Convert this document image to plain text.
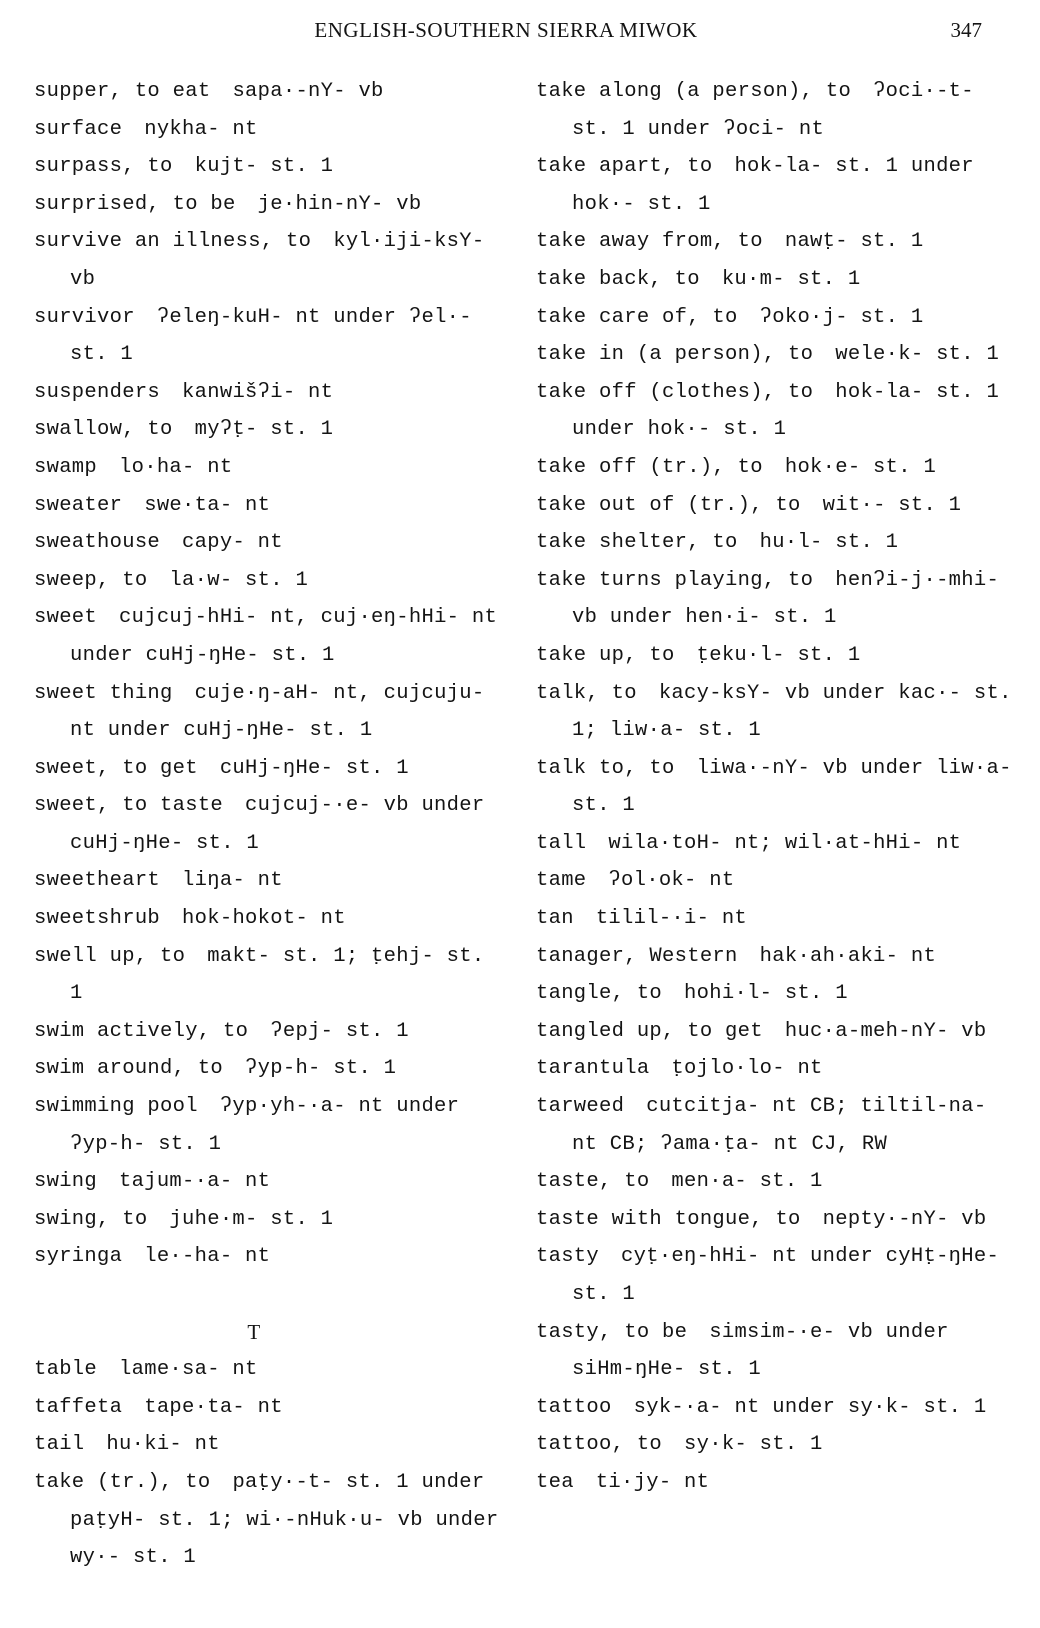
ENGLISH-SOUTHERN SIERRA MIWOK	347

supper, to eat sapa·-nY- vb

surface nykha- nt

surpass, to kujt- st. 1

surprised, to be je·hin-nY- vb

survive an illness, to kyl·iji-ksY- vb

survivor ʔeleŋ-kuH- nt under ʔel·- st. 1

suspenders kanwišʔi- nt

swallow, to myʔṭ- st. 1

swamp lo·ha- nt

sweater swe·ta- nt

sweathouse capy- nt

sweep, to la·w- st. 1

sweet cujcuj-hHi- nt, cuj·eŋ-hHi- nt under cuHj-ŋHe- st. 1

sweet thing cuje·ŋ-aH- nt, cujcuju- nt under cuHj-ŋHe- st. 1

sweet, to get cuHj-ŋHe- st. 1

sweet, to taste cujcuj-·e- vb under cuHj-ŋHe- st. 1

sweetheart liŋa- nt

sweetshrub hok-hokot- nt

swell up, to makt- st. 1; ṭehj- st. 1

swim actively, to ʔepj- st. 1

swim around, to ʔyp-h- st. 1

swimming pool ʔyp·yh-·a- nt under ʔyp-h- st. 1

swing tajum-·a- nt

swing, to juhe·m- st. 1

syringa le·-ha- nt

T

table lame·sa- nt

taffeta tape·ta- nt

tail hu·ki- nt

take (tr.), to paṭy·-t- st. 1 under paṭyH- st. 1; wi·-nHuk·u- vb under wy·- st. 1

take along (a person), to ʔoci·-t- st. 1 under ʔoci- nt

take apart, to hok-la- st. 1 under hok·- st. 1

take away from, to nawṭ- st. 1

take back, to ku·m- st. 1

take care of, to ʔoko·j- st. 1

take in (a person), to wele·k- st. 1

take off (clothes), to hok-la- st. 1 under hok·- st. 1

take off (tr.), to hok·e- st. 1

take out of (tr.), to wit·- st. 1

take shelter, to hu·l- st. 1

take turns playing, to henʔi-j·-mhi- vb under hen·i- st. 1

take up, to ṭeku·l- st. 1

talk, to kacy-ksY- vb under kac·- st. 1; liw·a- st. 1

talk to, to liwa·-nY- vb under liw·a- st. 1

tall wila·toH- nt; wil·at-hHi- nt

tame ʔol·ok- nt

tan tilil-·i- nt

tanager, Western hak·ah·aki- nt

tangle, to hohi·l- st. 1

tangled up, to get huc·a-meh-nY- vb

tarantula ṭojlo·lo- nt

tarweed cutcitja- nt CB; tiltil-na- nt CB; ʔama·ṭa- nt CJ, RW

taste, to men·a- st. 1

taste with tongue, to nepty·-nY- vb

tasty cyṭ·eŋ-hHi- nt under cyHṭ-ŋHe- st. 1

tasty, to be simsim-·e- vb under siHm-ŋHe- st. 1

tattoo syk-·a- nt under sy·k- st. 1

tattoo, to sy·k- st. 1

tea ti·jy- nt
